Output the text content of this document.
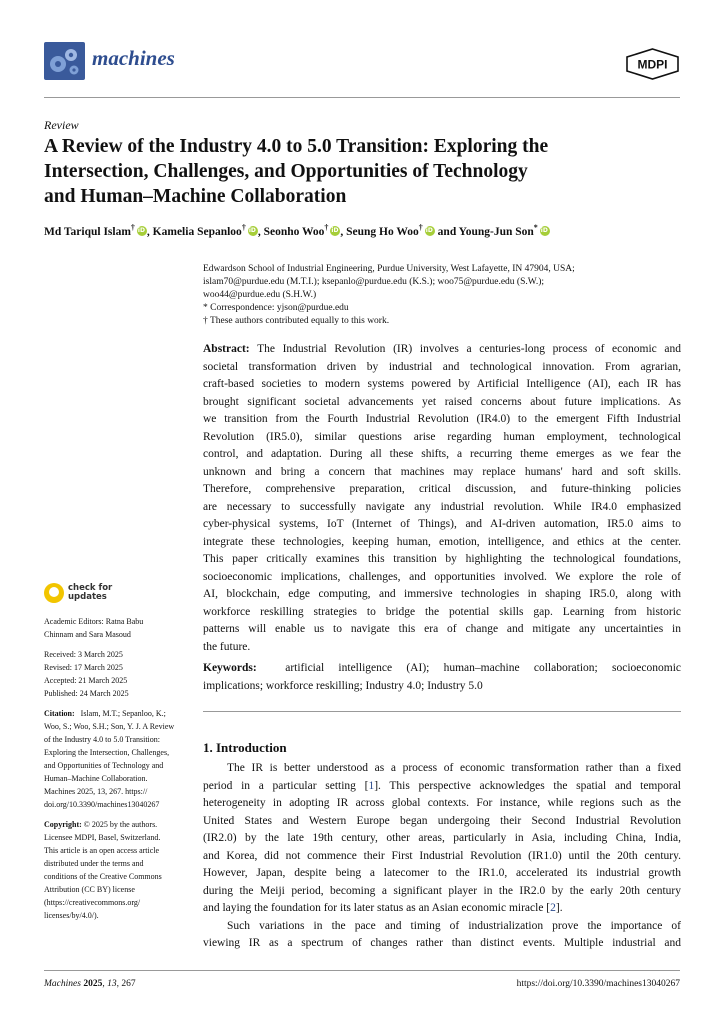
machines	MDPI
Review
A Review of the Industry 4.0 to 5.0 Transition: Exploring the
Intersection, Challenges, and Opportunities of Technology
and Human–Machine Collaboration
Md Tariqul Islam† iD , Kamelia Sepanloo† iD , Seonho Woo† iD , Seung Ho Woo† iD and Young-Jun Son*iD
Edwardson School of Industrial Engineering, Purdue University, West Lafayette, IN 47904, USA;
islam70@purdue.edu (M.T.I.); ksepanlo@purdue.edu (K.S.); woo75@purdue.edu (S.W.);
woo44@purdue.edu (S.H.W.)
* Correspondence: yjson@purdue.edu
† These authors contributed equally to this work.
Abstract: The Industrial Revolution (IR) involves a centuries-long process of economic and
societal transformation driven by industrial and technological innovation. From agrarian,
craft-based societies to modern systems powered by Artificial Intelligence (AI), each IR has
brought significant societal advancements yet raised concerns about future implications. As
we transition from the Fourth Industrial Revolution (IR4.0) to the emergent Fifth Industrial
Revolution (IR5.0), similar questions arise regarding human employment, technological
control, and adaptation. During all these shifts, a recurring theme emerges as we fear the
unknown and bring a concern that machines may replace humans' hard and soft skills.
Therefore, comprehensive preparation, critical discussion, and future-thinking policies
are necessary to successfully navigate any industrial revolution. While IR4.0 emphasized
cyber-physical systems, IoT (Internet of Things), and AI-driven automation, IR5.0 aims to
integrate these technologies, keeping human, emotion, intelligence, and ethics at the center.
This paper critically examines this transition by highlighting the technological foundations,
socioeconomic implications, challenges, and opportunities involved. We explore the role of
AI, blockchain, edge computing, and immersive technologies in shaping IR5.0, along with
workforce reskilling strategies to bridge the potential skills gap. Learning from historic
patterns will enable us to navigate this era of change and mitigate any uncertainties in
the future.
Keywords: artificial intelligence (AI); human–machine collaboration; socioeconomic
implications; workforce reskilling; Industry 4.0; Industry 5.0
1. Introduction
The IR is better understood as a process of economic transformation rather than a fixed
period in a particular setting [1]. This perspective acknowledges the spatial and temporal
heterogeneity in adopting IR across global contexts. For instance, while regions such as the
United States and Western Europe began undergoing their Second Industrial Revolution
(IR2.0) by the late 19th century, other areas, particularly in Asia, including China, India,
and Korea, did not commence their First Industrial Revolution (IR1.0) until the 20th century.
However, Japan, despite being a latecomer to the IR1.0, accelerated its industrial growth
during the Meiji period, becoming a significant player in the IR2.0 by the early 20th century
and laying the foundation for its later status as an Asian economic miracle [2].
Such variations in the pace and timing of industrialization prove the importance of
viewing IR as a spectrum of changes rather than distinct events. Multiple industrial and
check for
updates
Academic Editors: Ratna Babu
Chinnam and Sara Masoud
Received: 3 March 2025
Revised: 17 March 2025
Accepted: 21 March 2025
Published: 24 March 2025
Citation: Islam, M.T.; Sepanloo, K.;
Woo, S.; Woo, S.H.; Son, Y. J. A Review
of the Industry 4.0 to 5.0 Transition:
Exploring the Intersection, Challenges,
and Opportunities of Technology and
Human–Machine Collaboration.
Machines 2025, 13, 267. https://
doi.org/10.3390/machines13040267
Copyright: © 2025 by the authors.
Licensee MDPI, Basel, Switzerland.
This article is an open access article
distributed under the terms and
conditions of the Creative Commons
Attribution (CC BY) license
(https://creativecommons.org/
licenses/by/4.0/).
Machines 2025, 13, 267	https://doi.org/10.3390/machines13040267
